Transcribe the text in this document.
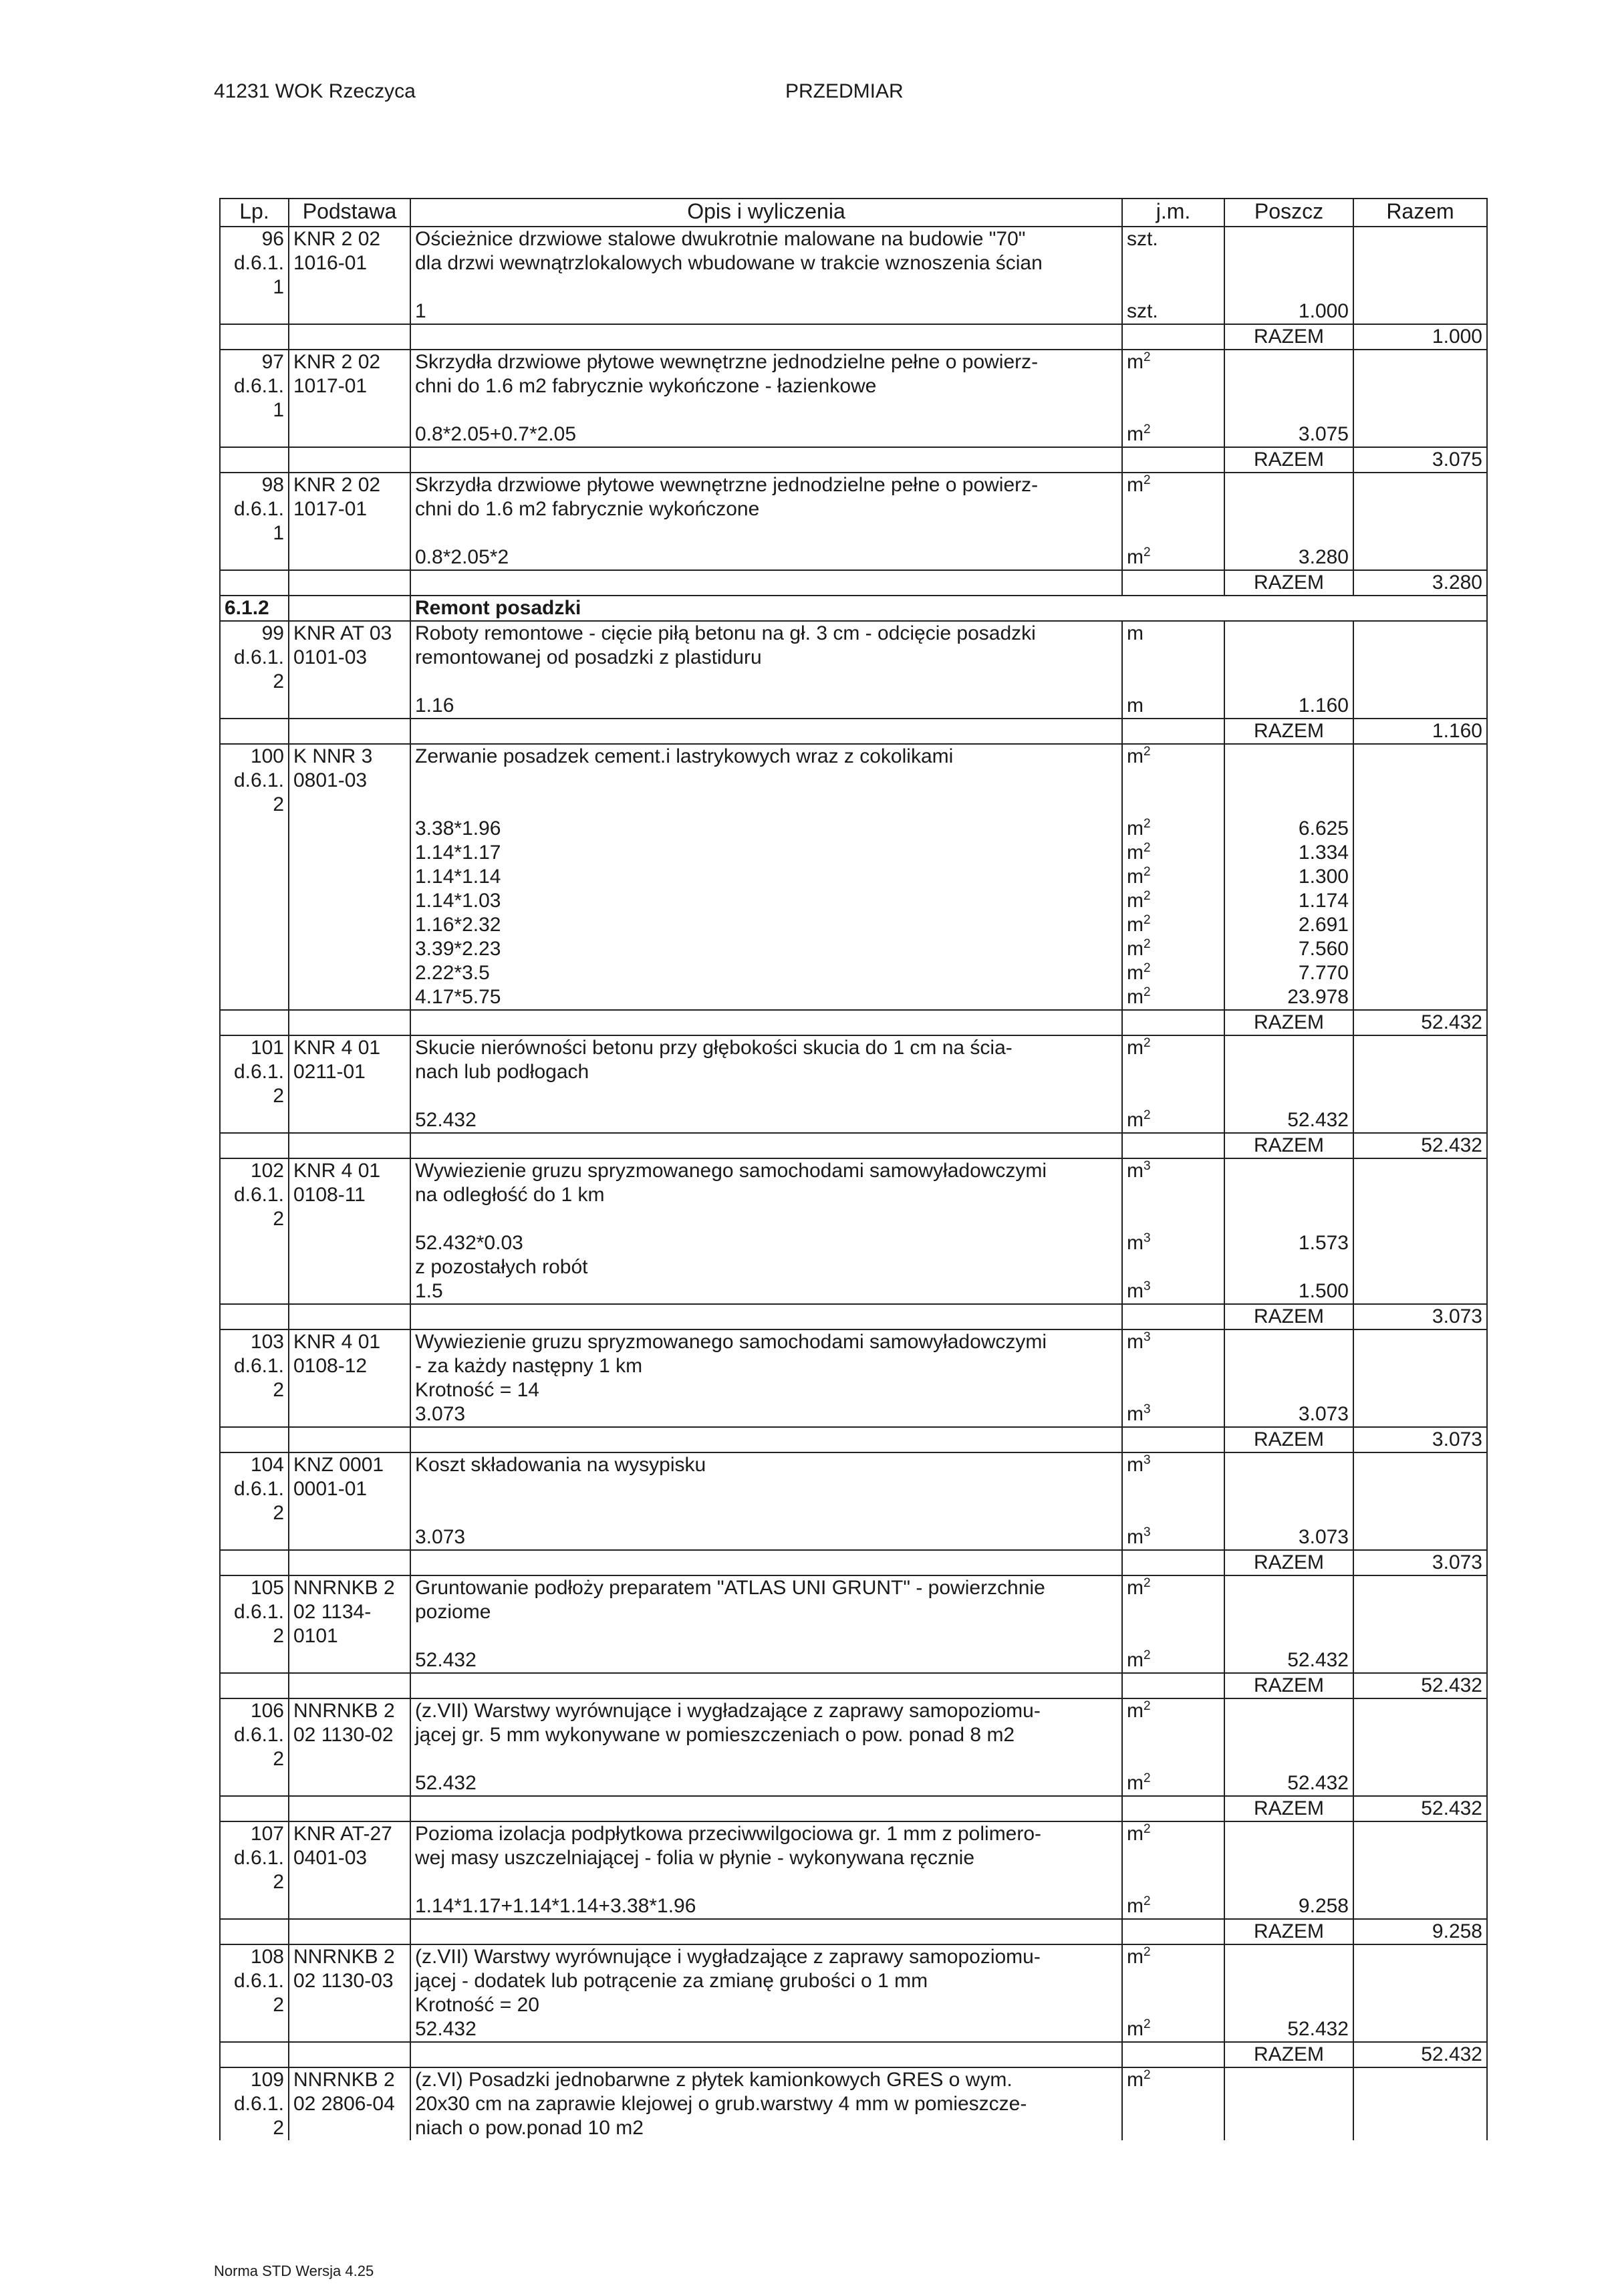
41231 WOK Rzeczyca	PRZEDMIAR
Lp.	Podstawa	Opis i wyliczenia	j.m.	Poszcz	Razem
96	KNR 2 02	Ościeżnice drzwiowe stalowe dwukrotnie malowane na budowie "70"	szt.		
d.6.1.	1016-01	dla drzwi wewnątrzlokalowych wbudowane w trakcie wznoszenia ścian			
1					
		1	szt.	1.000	
				RAZEM	1.000
97	KNR 2 02	Skrzydła drzwiowe płytowe wewnętrzne jednodzielne pełne o powierz-	$m^2$		
d.6.1.	1017-01	chni do 1.6 m2 fabrycznie wykończone - łazienkowe			
1					
		0.8*2.05+0.7*2.05	$m^2$	3.075	
				RAZEM	3.075
98	KNR 2 02	Skrzydła drzwiowe płytowe wewnętrzne jednodzielne pełne o powierz-	$m^2$		
d.6.1.	1017-01	chni do 1.6 m2 fabrycznie wykończone			
1					
		0.8*2.05*2	$m^2$	3.280	
				RAZEM	3.280
6.1.2		Remont posadzki			
99	KNR AT 03	Roboty remontowe - cięcie piłą betonu na gł. 3 cm - odcięcie posadzki	m		
d.6.1.	0101-03	remontowanej od posadzki z plastiduru			
2					
		1.16	m	1.160	
				RAZEM	1.160
100	K NNR 3	Zerwanie posadzek cement.i lastrykowych wraz z cokolikami	$m^2$		
d.6.1.	0801-03				
2					
		3.38*1.96	$m^2$	6.625	
		1.14*1.17	$m^2$	1.334	
		1.14*1.14	$m^2$	1.300	
		1.14*1.03	$m^2$	1.174	
		1.16*2.32	$m^2$	2.691	
		3.39*2.23	$m^2$	7.560	
		2.22*3.5	$m^2$	7.770	
		4.17*5.75	$m^2$	23.978	
				RAZEM	52.432
101	KNR 4 01	Skucie nierówności betonu przy głębokości skucia do 1 cm na ścia-	$m^2$		
d.6.1.	0211-01	nach lub podłogach			
2					
		52.432	$m^2$	52.432	
				RAZEM	52.432
102	KNR 4 01	Wywiezienie gruzu spryzmowanego samochodami samowyładowczymi	$m^3$		
d.6.1.	0108-11	na odległość do 1 km			
2					
		52.432*0.03	$m^3$	1.573	
		z pozostałych robót			
		1.5	$m^3$	1.500	
				RAZEM	3.073
103	KNR 4 01	Wywiezienie gruzu spryzmowanego samochodami samowyładowczymi	$m^3$		
d.6.1.	0108-12	- za każdy następny 1 km			
2		Krotność = 14			
		3.073	$m^3$	3.073	
				RAZEM	3.073
104	KNZ 0001	Koszt składowania na wysypisku	$m^3$		
d.6.1.	0001-01				
2					
		3.073	$m^3$	3.073	
				RAZEM	3.073
105	NNRNKB 2	Gruntowanie podłoży preparatem "ATLAS UNI GRUNT" - powierzchnie	$m^2$		
d.6.1.	02 1134-	poziome			
2	0101				
		52.432	$m^2$	52.432	
				RAZEM	52.432
106	NNRNKB 2	(z.VII) Warstwy wyrównujące i wygładzające z zaprawy samopoziomu-	$m^2$		
d.6.1.	02 1130-02	jącej gr. 5 mm wykonywane w pomieszczeniach o pow. ponad 8 m2			
2					
		52.432	$m^2$	52.432	
				RAZEM	52.432
107	KNR AT-27	Pozioma izolacja podpłytkowa przeciwwilgociowa gr. 1 mm z polimero-	$m^2$		
d.6.1.	0401-03	wej masy uszczelniającej - folia w płynie - wykonywana ręcznie			
2					
		1.14*1.17+1.14*1.14+3.38*1.96	$m^2$	9.258	
				RAZEM	9.258
108	NNRNKB 2	(z.VII) Warstwy wyrównujące i wygładzające z zaprawy samopoziomu-	$m^2$		
d.6.1.	02 1130-03	jącej - dodatek lub potrącenie za zmianę grubości o 1 mm			
2		Krotność = 20			
		52.432	$m^2$	52.432	
				RAZEM	52.432
109	NNRNKB 2	(z.VI) Posadzki jednobarwne z płytek kamionkowych GRES o wym.	$m^2$		
d.6.1.	02 2806-04	20x30 cm na zaprawie klejowej o grub.warstwy 4 mm w pomieszcze-			
2		niach o pow.ponad 10 m2			
Norma STD Wersja 4.25
